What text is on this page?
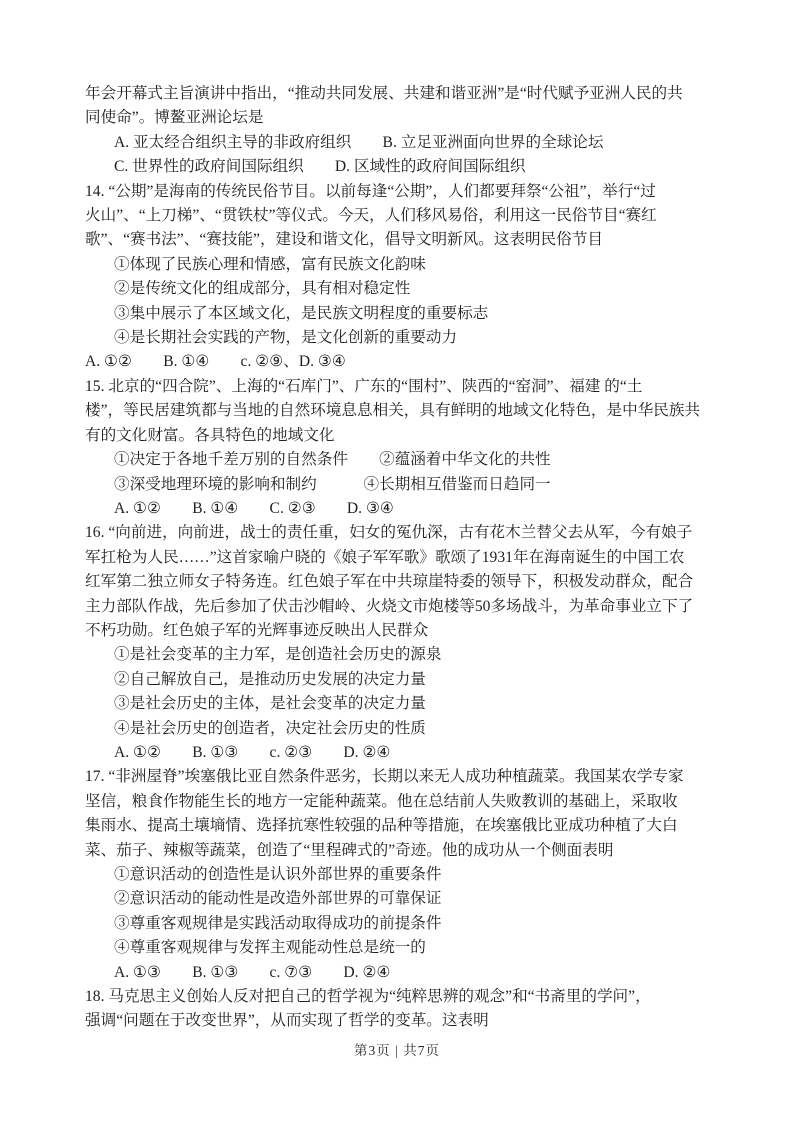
年会开幕式主旨演讲中指出，“推动共同发展、共建和谐亚洲”是“时代赋予亚洲人民的共
同使命”。博鳌亚洲论坛是
A. 亚太经合组织主导的非政府组织　　B. 立足亚洲面向世界的全球论坛
C. 世界性的政府间国际组织　　D. 区域性的政府间国际组织
14. “公期”是海南的传统民俗节目。以前每逢“公期”，人们都要拜祭“公祖”，举行“过
火山”、“上刀梯”、“贯铁杖”等仪式。今天，人们移风易俗，利用这一民俗节目“赛红
歌”、“赛书法”、“赛技能”，建设和谐文化，倡导文明新风。这表明民俗节目
①体现了民族心理和情感，富有民族文化韵味
②是传统文化的组成部分，具有相对稳定性
③集中展示了本区域文化，是民族文明程度的重要标志
④是长期社会实践的产物，是文化创新的重要动力
A. ①②　　B. ①④　　c. ②⑨、D. ③④
15. 北京的“四合院”、上海的“石库门”、广东的“围村”、陕西的“窑洞”、福建 的“土
楼”，等民居建筑都与当地的自然环境息息相关，具有鲜明的地域文化特色，是中华民族共
有的文化财富。各具特色的地域文化
①决定于各地千差万别的自然条件　　②蕴涵着中华文化的共性
③深受地理环境的影响和制约　　　④长期相互借鉴而日趋同一
A. ①②　　B. ①④　　C. ②③　　D. ③④
16. “向前进，向前进，战士的责任重，妇女的冤仇深，古有花木兰替父去从军，今有娘子
军扛枪为人民……”这首家喻户晓的《娘子军军歌》歌颂了1931年在海南诞生的中国工农
红军第二独立师女子特务连。红色娘子军在中共琼崖特委的领导下，积极发动群众，配合
主力部队作战，先后参加了伏击沙帽岭、火烧文市炮楼等50多场战斗，为革命事业立下了
不朽功勋。红色娘子军的光辉事迹反映出人民群众
①是社会变革的主力军，是创造社会历史的源泉
②自己解放自己，是推动历史发展的决定力量
③是社会历史的主体，是社会变革的决定力量
④是社会历史的创造者，决定社会历史的性质
A. ①②　　B. ①③　　c. ②③　　D. ②④
17. “非洲屋脊”埃塞俄比亚自然条件恶劣，长期以来无人成功种植蔬菜。我国某农学专家
坚信，粮食作物能生长的地方一定能种蔬菜。他在总结前人失败教训的基础上，采取收
集雨水、提高土壤墒情、选择抗寒性较强的品种等措施，在埃塞俄比亚成功种植了大白
菜、茄子、辣椒等蔬菜，创造了“里程碑式的”奇迹。他的成功从一个侧面表明
①意识活动的创造性是认识外部世界的重要条件
②意识活动的能动性是改造外部世界的可靠保证
③尊重客观规律是实践活动取得成功的前提条件
④尊重客观规律与发挥主观能动性总是统一的
A. ①③　　B. ①③　　c. ⑦③　　D. ②④
18. 马克思主义创始人反对把自己的哲学视为“纯粹思辨的观念”和“书斋里的学问”，
强调“问题在于改变世界”，从而实现了哲学的变革。这表明
第3页 | 共7页
